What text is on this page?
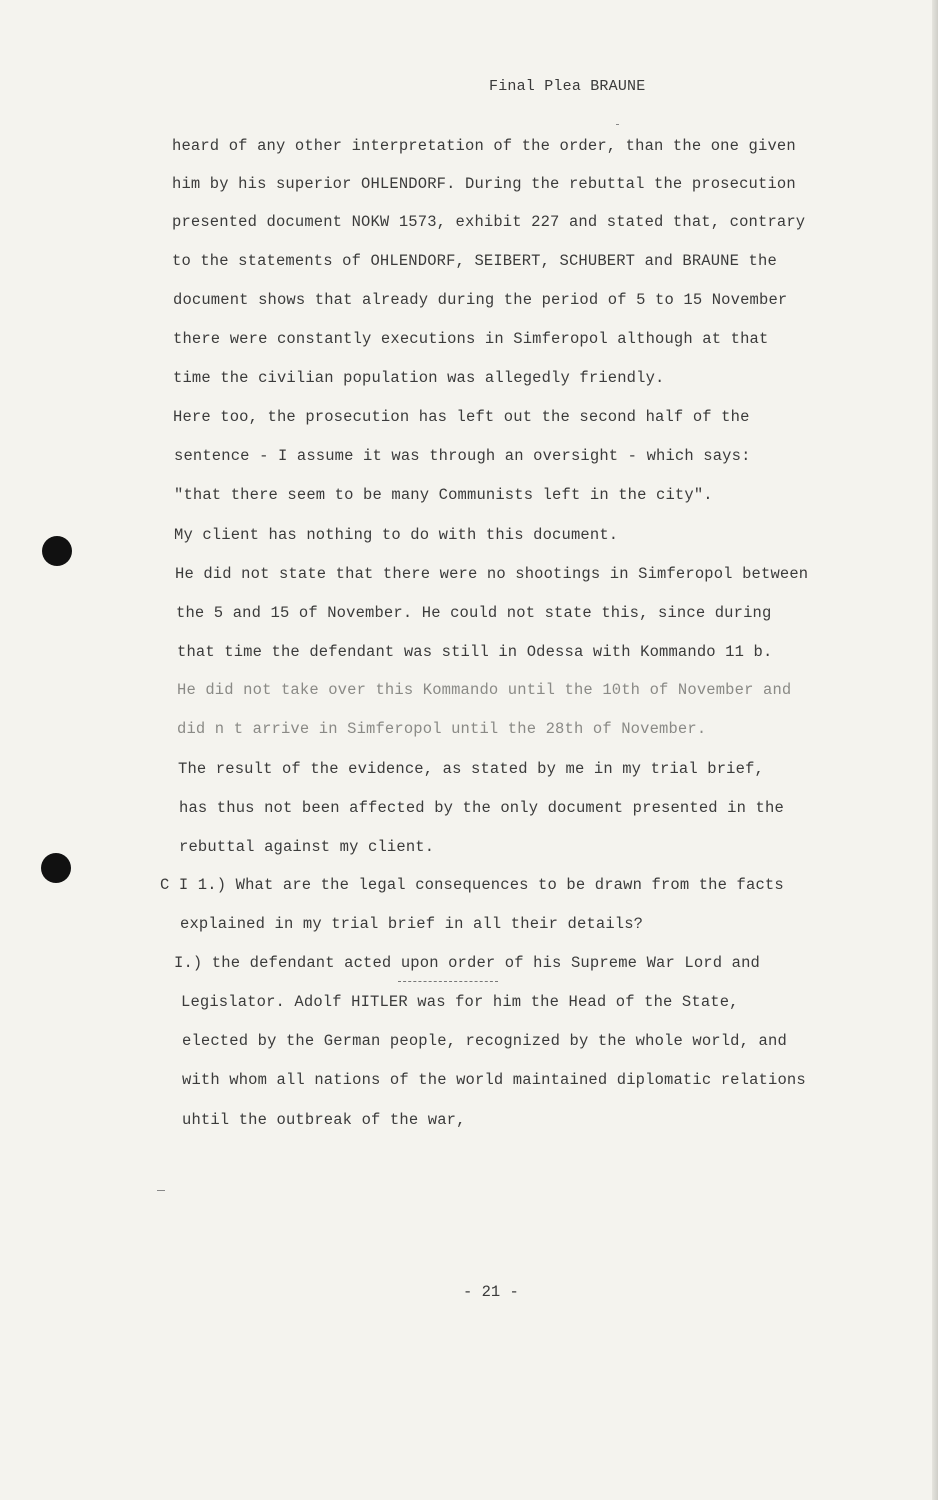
Final Plea BRAUNE
heard of any other interpretation of the order, than the one given
him by his superior OHLENDORF. During the rebuttal the prosecution
presented document NOKW 1573, exhibit 227 and stated that, contrary
to the statements of OHLENDORF, SEIBERT, SCHUBERT and BRAUNE the
document shows that already during the period of 5 to 15 November
there were constantly executions in Simferopol although at that
time the civilian population was allegedly friendly.
Here too, the prosecution has left out the second half of the
sentence - I assume it was through an oversight - which says:
"that there seem to be many Communists left in the city".
My client has nothing to do with this document.
He did not state that there were no shootings in Simferopol between
the 5 and 15 of November. He could not state this, since during
that time the defendant was still in Odessa with Kommando 11 b.
He did not take over this Kommando until the 10th of November and
did n t arrive in Simferopol until the 28th of November.
The result of the evidence, as stated by me in my trial brief,
has thus not been affected by the only document presented in the
rebuttal against my client.
C I 1.) What are the legal consequences to be drawn from the facts
explained in my trial brief in all their details?
I.) the defendant acted upon order of his Supreme War Lord and
Legislator. Adolf HITLER was for him the Head of the State,
elected by the German people, recognized by the whole world, and
with whom all nations of the world maintained diplomatic relations
uhtil the outbreak of the war,
- 21 -
